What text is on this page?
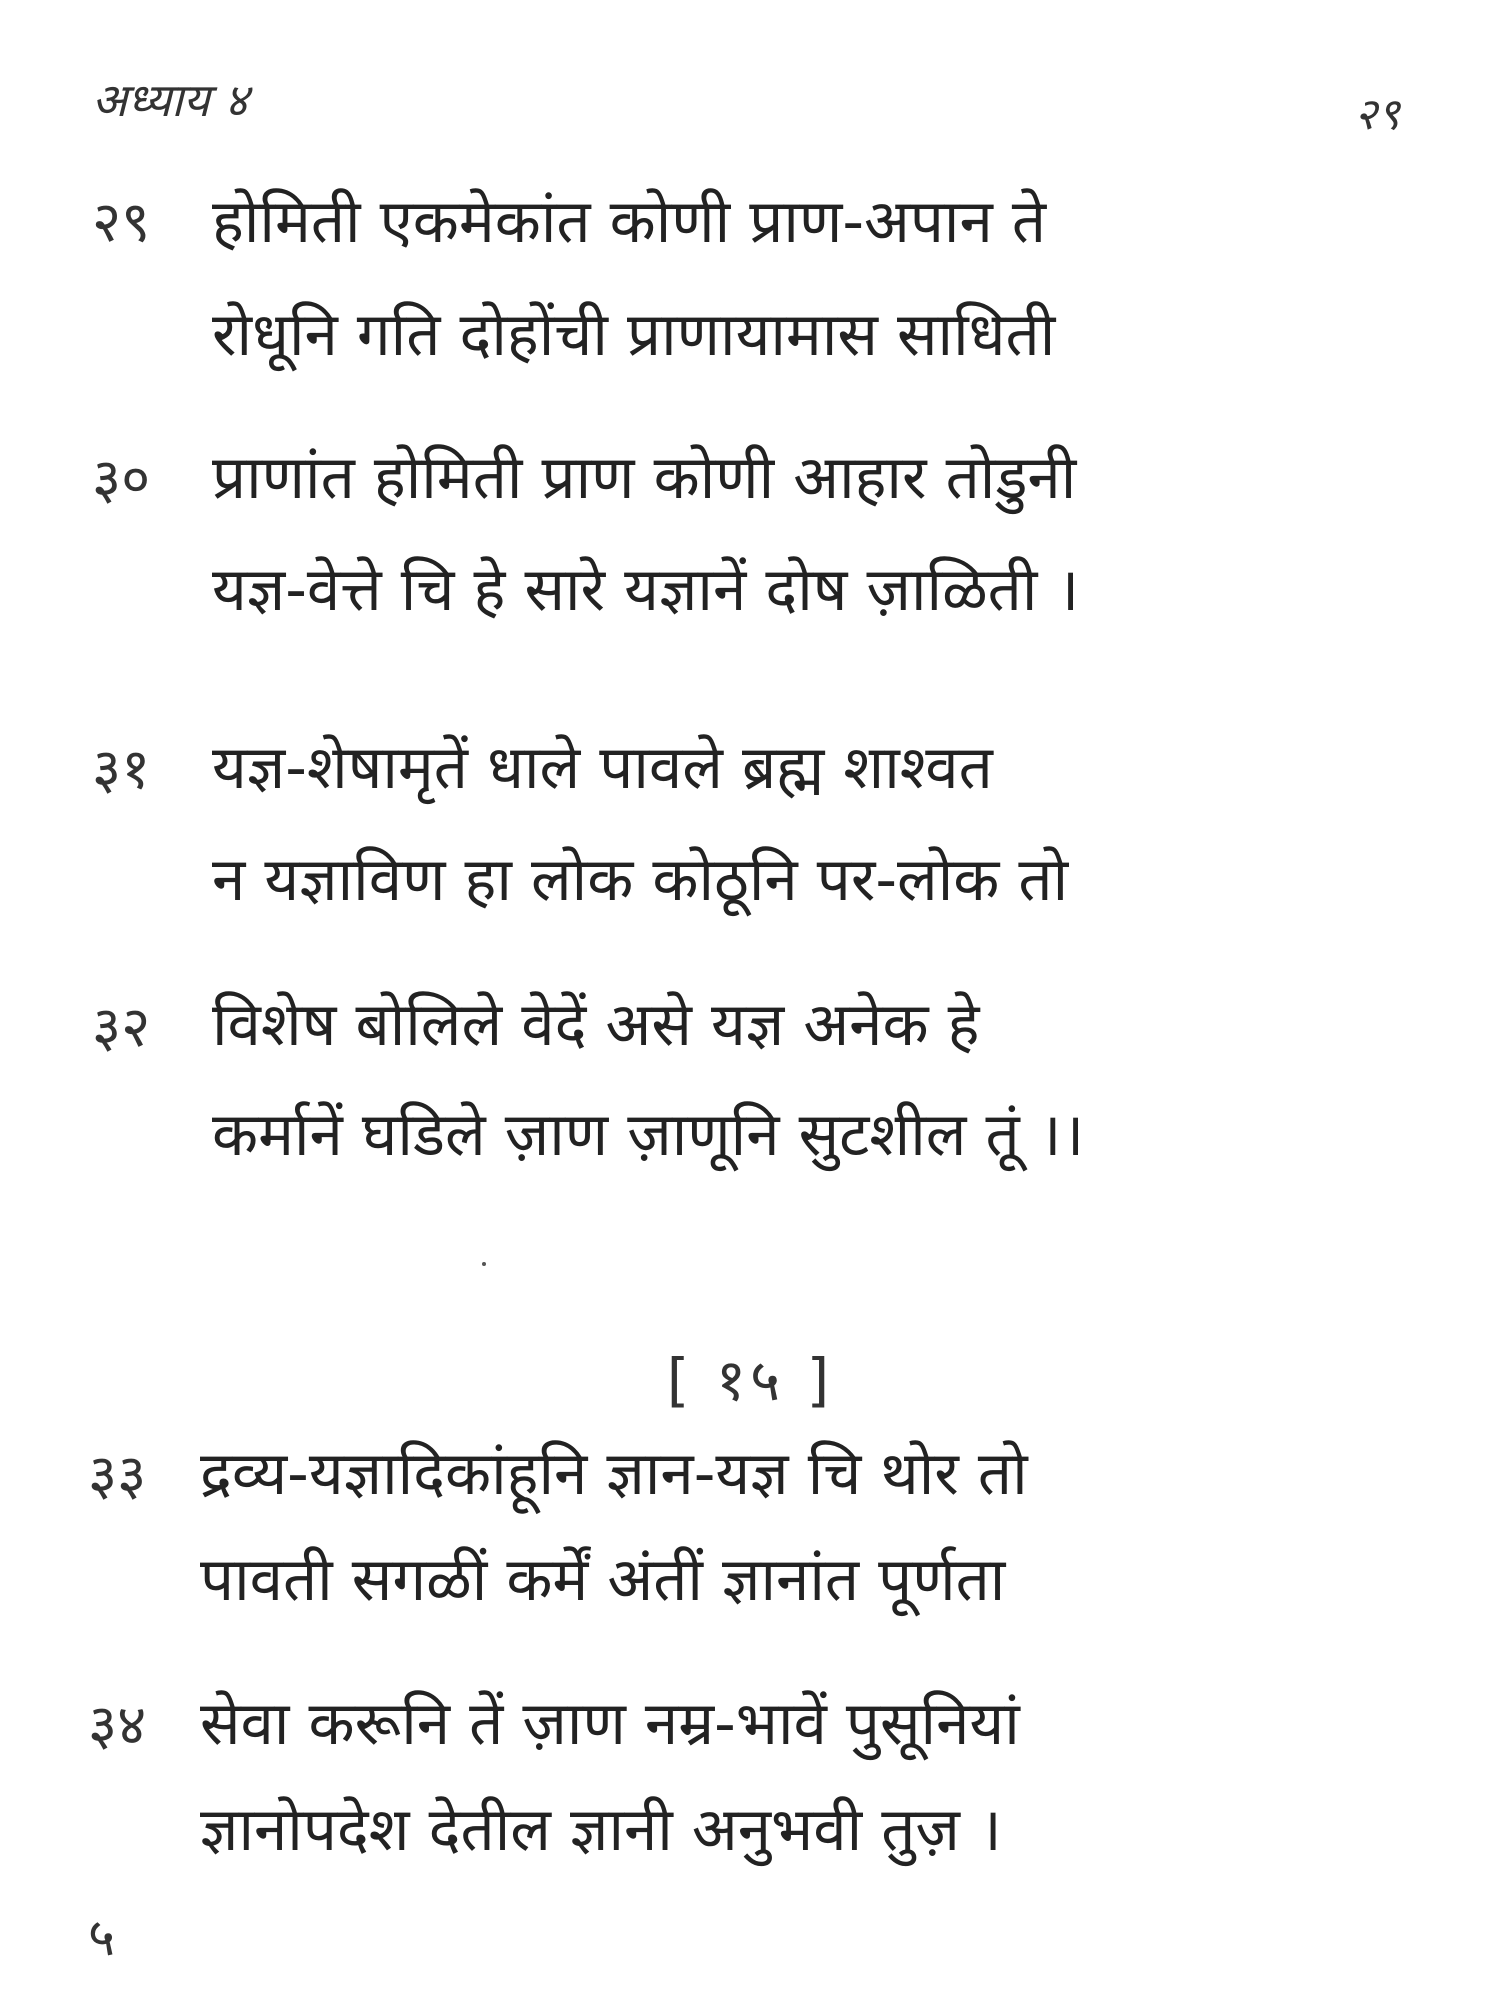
अध्याय ४	२९
२९ होमिती एकमेकांत कोणी प्राण-अपान ते
रोधूनि गति दोहोंची प्राणायामास साधिती
३० प्राणांत होमिती प्राण कोणी आहार तोडुनी
यज्ञ-वेत्ते चि हे सारे यज्ञानें दोष ज़ाळिती ।
३१ यज्ञ-शेषामृतें धाले पावले ब्रह्म शाश्वत
न यज्ञाविण हा लोक कोठूनि पर-लोक तो
३२ विशेष बोलिले वेदें असे यज्ञ अनेक हे
कर्मानें घडिले ज़ाण ज़ाणूनि सुटशील तूं ।।
[ १५ ]
३३ द्रव्य-यज्ञादिकांहूनि ज्ञान-यज्ञ चि थोर तो
पावती सगळीं कर्में अंतीं ज्ञानांत पूर्णता
३४ सेवा करूनि तें ज़ाण नम्र-भावें पुसूनियां
ज्ञानोपदेश देतील ज्ञानी अनुभवी तुज़ ।
५
